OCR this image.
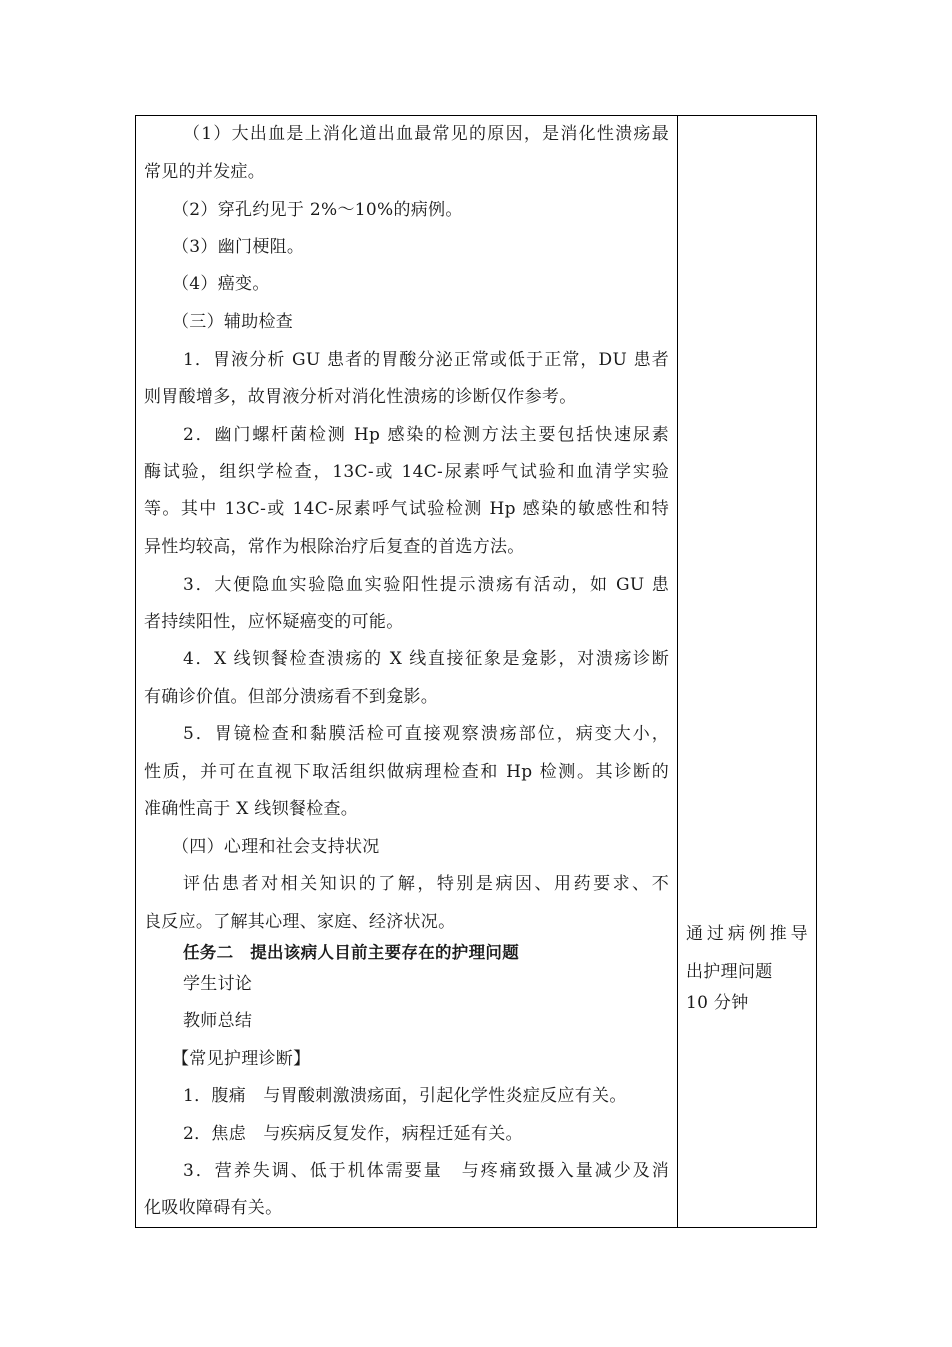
（1）大出血是上消化道出血最常见的原因，是消化性溃疡最
常见的并发症。
（2）穿孔约见于 2%～10%的病例。
（3）幽门梗阻。
（4）癌变。
（三）辅助检查
1．胃液分析 GU 患者的胃酸分泌正常或低于正常，DU 患者
则胃酸增多，故胃液分析对消化性溃疡的诊断仅作参考。
2．幽门螺杆菌检测 Hp 感染的检测方法主要包括快速尿素
酶试验，组织学检查，13C-或 14C-尿素呼气试验和血清学实验
等。其中 13C-或 14C-尿素呼气试验检测 Hp 感染的敏感性和特
异性均较高，常作为根除治疗后复查的首选方法。
3．大便隐血实验隐血实验阳性提示溃疡有活动，如 GU 患
者持续阳性，应怀疑癌变的可能。
4．X 线钡餐检查溃疡的 X 线直接征象是龛影，对溃疡诊断
有确诊价值。但部分溃疡看不到龛影。
5．胃镜检查和黏膜活检可直接观察溃疡部位，病变大小，
性质，并可在直视下取活组织做病理检查和 Hp 检测。其诊断的
准确性高于 X 线钡餐检查。
（四）心理和社会支持状况
评估患者对相关知识的了解，特别是病因、用药要求、不
良反应。了解其心理、家庭、经济状况。
任务二　提出该病人目前主要存在的护理问题
学生讨论
教师总结
【常见护理诊断】
1．腹痛　与胃酸刺激溃疡面，引起化学性炎症反应有关。
2．焦虑　与疾病反复发作，病程迁延有关。
3．营养失调、低于机体需要量　与疼痛致摄入量减少及消
化吸收障碍有关。
通过病例推导
出护理问题
10 分钟
